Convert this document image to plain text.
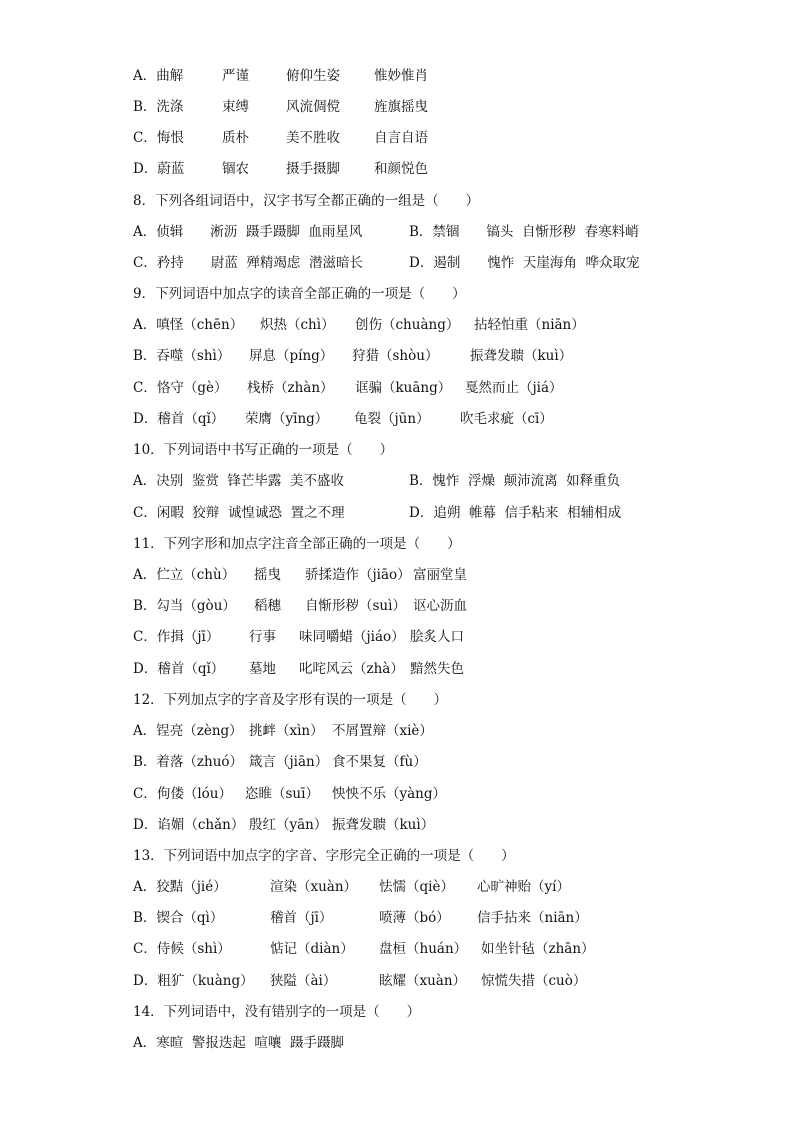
A．曲解	严谨	俯仰生姿	惟妙惟肖
B．洗涤	束缚	风流倜傥	旌旗摇曳
C．悔恨	质朴	美不胜收	自言自语
D．蔚蓝	锢农	摄手摄脚	和颜悦色
8．下列各组词语中，汉字书写全都正确的一组是（　　）
A．侦辑　　淅沥  蹑手蹑脚  血雨星风	B．禁锢　　镐头  自惭形秽  春寒料峭
C．矜持　　尉蓝  殚精竭虑  潜滋暗长	D．遏制　　愧怍  天崖海角  哗众取宠
9．下列词语中加点字的读音全部正确的一项是（　　）
A．嗔怪（chēn） 炽热（chì） 创伤（chuàng） 拈轻怕重（niān）
B．吞噬（shì） 屏息（píng） 狩猎（shòu） 振聋发聩（kuì）
C．恪守（gè） 栈桥（zhàn） 诓骗（kuāng） 戛然而止（jiá）
D．稽首（qǐ） 荣膺（yīng） 龟裂（jūn） 吹毛求疵（cī）
10．下列词语中书写正确的一项是（　　）
A．决别  鉴赏  锋芒毕露  美不盛收	B．愧怍  浮燥  颠沛流离  如释重负
C．闲暇  狡辩  诚惶诚恐  置之不理	D．追朔  帷幕  信手粘来  相辅相成
11．下列字形和加点字注音全部正确的一项是（　　）
A．伫立（chù） 摇曳 骄揉造作（jiāo） 富丽堂皇
B．勾当（gòu） 稻穗 自惭形秽（suì） 讴心沥血
C．作揖（jī） 行事 味同嚼蜡（jiáo） 脍炙人口
D．稽首（qǐ） 墓地 叱咤风云（zhà） 黯然失色
12．下列加点字的字音及字形有误的一项是（　　）
A．锃亮（zèng） 挑衅（xìn） 不屑置辩（xiè）
B．着落（zhuó） 箴言（jiān） 食不果复（fù）
C．佝偻（lóu） 恣睢（suī） 怏怏不乐（yàng）
D．谄媚（chǎn） 殷红（yān） 振聋发聩（kuì）
13．下列词语中加点字的字音、字形完全正确的一项是（　　）
A．狡黠（jié）	渲染（xuàn） 怯懦（qiè） 心旷神贻（yí）
B．锲合（qì）	稽首（jī）	喷薄（bó） 信手拈来（niān）
C．侍候（shì）	惦记（diàn） 盘桓（huán） 如坐针毡（zhān）
D．粗犷（kuàng） 狭隘（ài）	眩耀（xuàn） 惊慌失措（cuò）
14．下列词语中，没有错别字的一项是（　　）
A．寒暄  警报迭起  喧嚷  蹑手蹑脚
